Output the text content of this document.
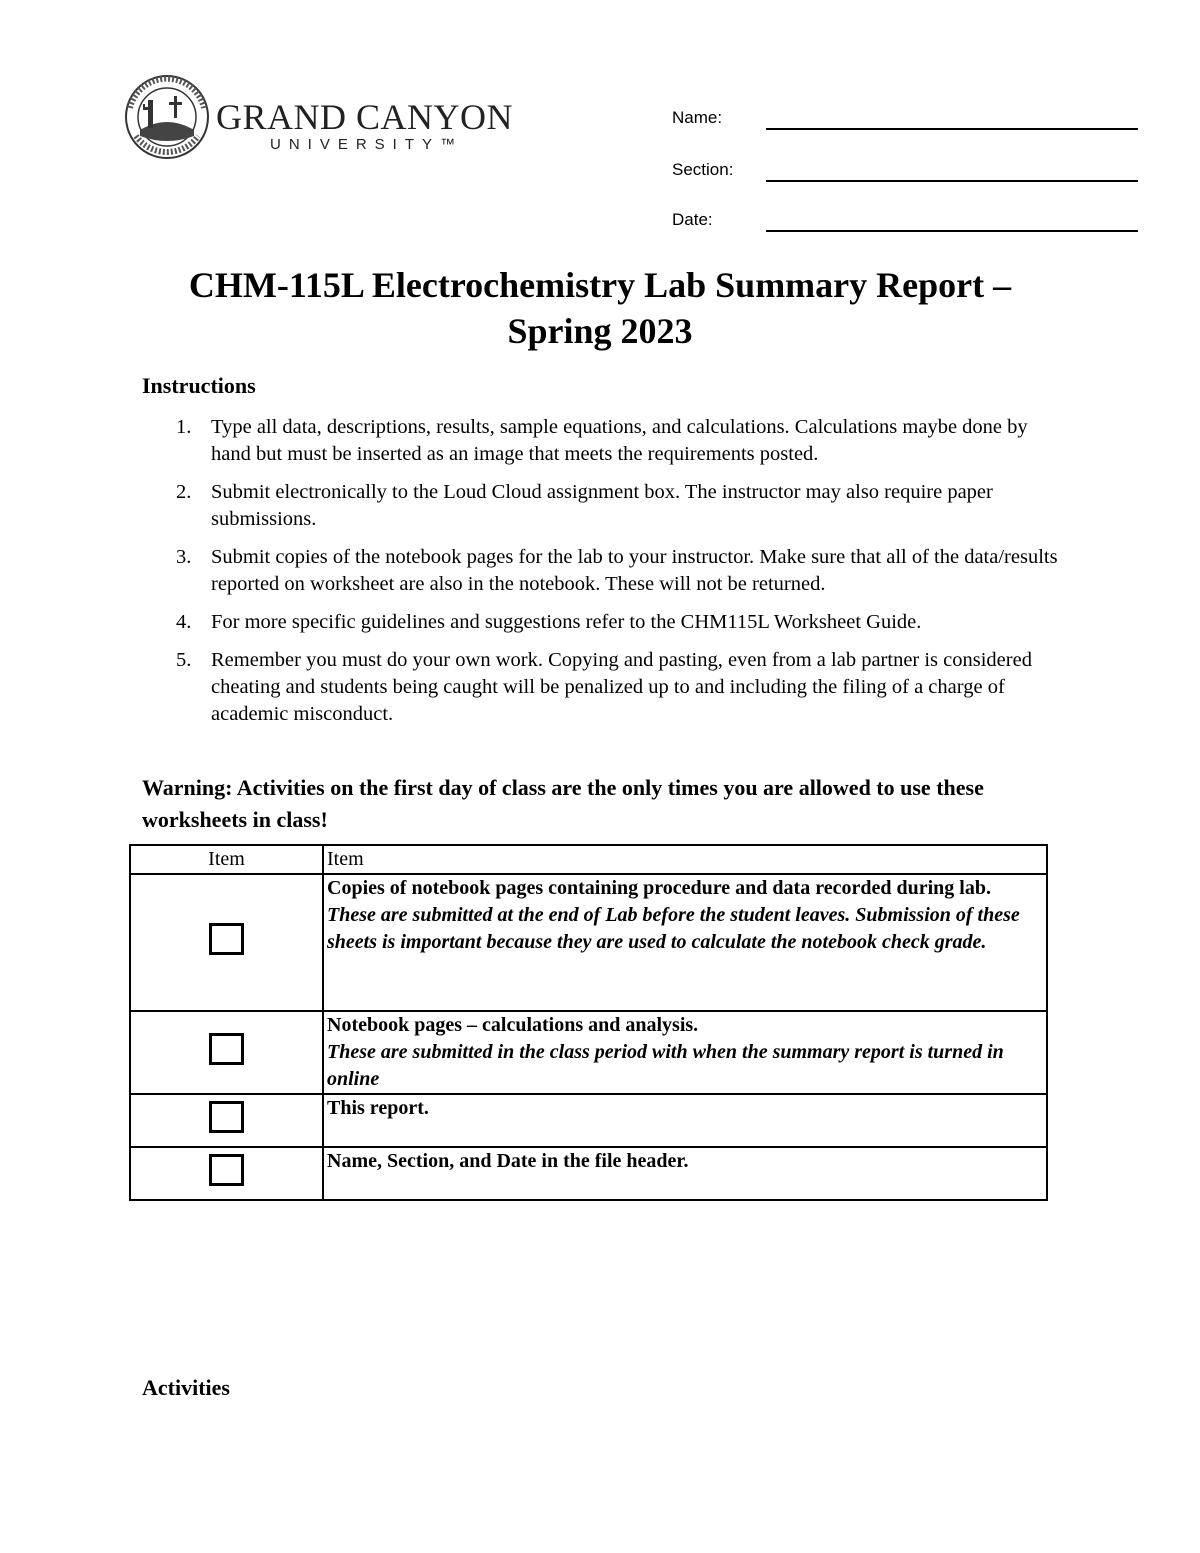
GRAND CANYON
UNIVERSITY™
Name:
Section:
Date:
CHM-115L Electrochemistry Lab Summary Report –
Spring 2023
Instructions
1. Type all data, descriptions, results, sample equations, and calculations. Calculations maybe done by hand but must be inserted as an image that meets the requirements posted.
2. Submit electronically to the Loud Cloud assignment box. The instructor may also require paper submissions.
3. Submit copies of the notebook pages for the lab to your instructor. Make sure that all of the data/results reported on worksheet are also in the notebook. These will not be returned.
4. For more specific guidelines and suggestions refer to the CHM115L Worksheet Guide.
5. Remember you must do your own work. Copying and pasting, even from a lab partner is considered cheating and students being caught will be penalized up to and including the filing of a charge of academic misconduct.

Warning: Activities on the first day of class are the only times you are allowed to use these worksheets in class!

Item	Item

	Copies of notebook pages containing procedure and data recorded during lab.
These are submitted at the end of Lab before the student leaves. Submission of these sheets is important because they are used to calculate the notebook check grade.

	Notebook pages – calculations and analysis.
These are submitted in the class period with when the summary report is turned in online

	This report.

	Name, Section, and Date in the file header.
Activities
